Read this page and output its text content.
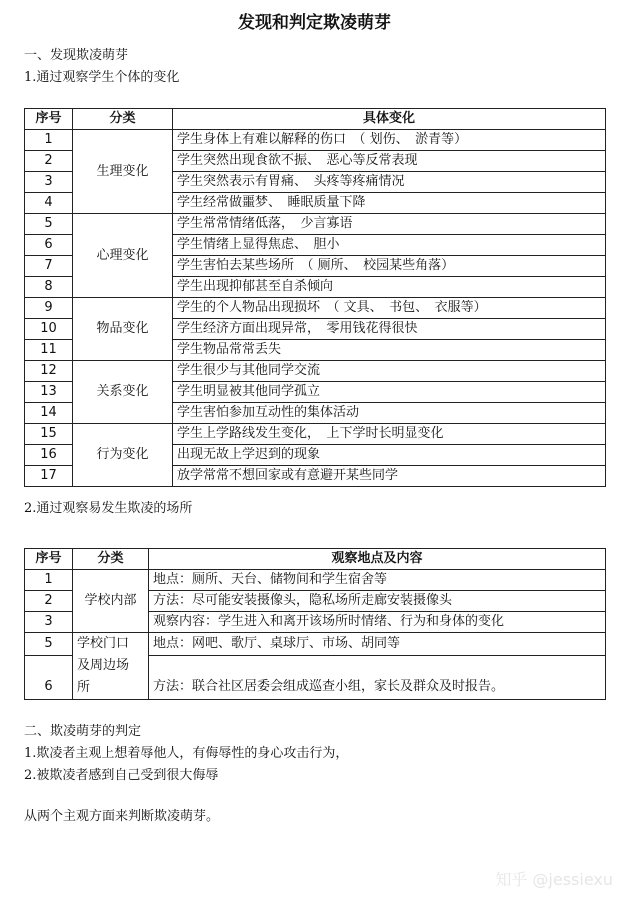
发现和判定欺凌萌芽
一、发现欺凌萌芽
1.通过观察学生个体的变化
序号	分类	具体变化
1	生理变化	学生身体上有难以解释的伤口　（ 划伤、　淤青等）
2		学生突然出现食欲不振、　恶心等反常表现
3		学生突然表示有胃痛、　头疼等疼痛情况
4		学生经常做噩梦、　睡眠质量下降
5	心理变化	学生常常情绪低落，　少言寡语
6		学生情绪上显得焦虑、　胆小
7		学生害怕去某些场所　（ 厕所、　校园某些角落）
8		学生出现抑郁甚至自杀倾向
9	物品变化	学生的个人物品出现损坏　（ 文具、　书包、　衣服等）
10		学生经济方面出现异常，　零用钱花得很快
11		学生物品常常丢失
12	关系变化	学生很少与其他同学交流
13		学生明显被其他同学孤立
14		学生害怕参加互动性的集体活动
15	行为变化	学生上学路线发生变化，　上下学时长明显变化
16		出现无故上学迟到的现象
17		放学常常不想回家或有意避开某些同学
2.通过观察易发生欺凌的场所
序号	分类	观察地点及内容
1	学校内部	地点：厕所、天台、储物间和学生宿舍等
2		方法：尽可能安装摄像头，隐私场所走廊安装摄像头
3		观察内容：学生进入和离开该场所时情绪、行为和身体的变化
5	学校门口
及周边场
所	地点：网吧、歌厅、桌球厅、市场、胡同等
6		方法：联合社区居委会组成巡查小组，家长及群众及时报告。
二、欺凌萌芽的判定
1.欺凌者主观上想着辱他人，有侮辱性的身心攻击行为，
2.被欺凌者感到自己受到很大侮辱
从两个主观方面来判断欺凌萌芽。
知乎 @jessiexu
